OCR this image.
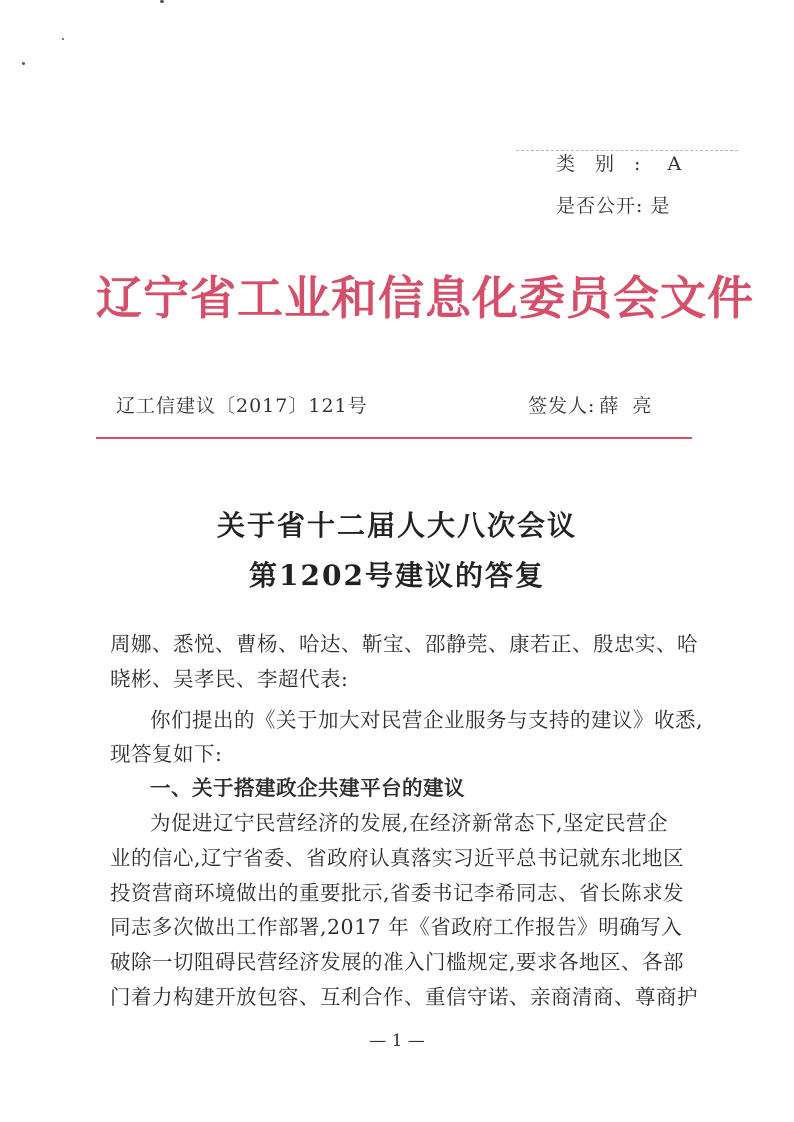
类别: A
是否公开: 是
辽宁省工业和信息化委员会文件
辽工信建议〔2017〕121号	签发人: 薛亮
关于省十二届人大八次会议
第1202号建议的答复
周娜、悉悦、曹杨、哈达、靳宝、邵静莞、康若正、殷忠实、哈
晓彬、吴孝民、李超代表:
你们提出的《关于加大对民营企业服务与支持的建议》收悉,
现答复如下:
一、关于搭建政企共建平台的建议
为促进辽宁民营经济的发展,在经济新常态下,坚定民营企
业的信心,辽宁省委、省政府认真落实习近平总书记就东北地区
投资营商环境做出的重要批示,省委书记李希同志、省长陈求发
同志多次做出工作部署,2017 年《省政府工作报告》明确写入
破除一切阻碍民营经济发展的准入门槛规定,要求各地区、各部
门着力构建开放包容、互利合作、重信守诺、亲商清商、尊商护
— 1 —
